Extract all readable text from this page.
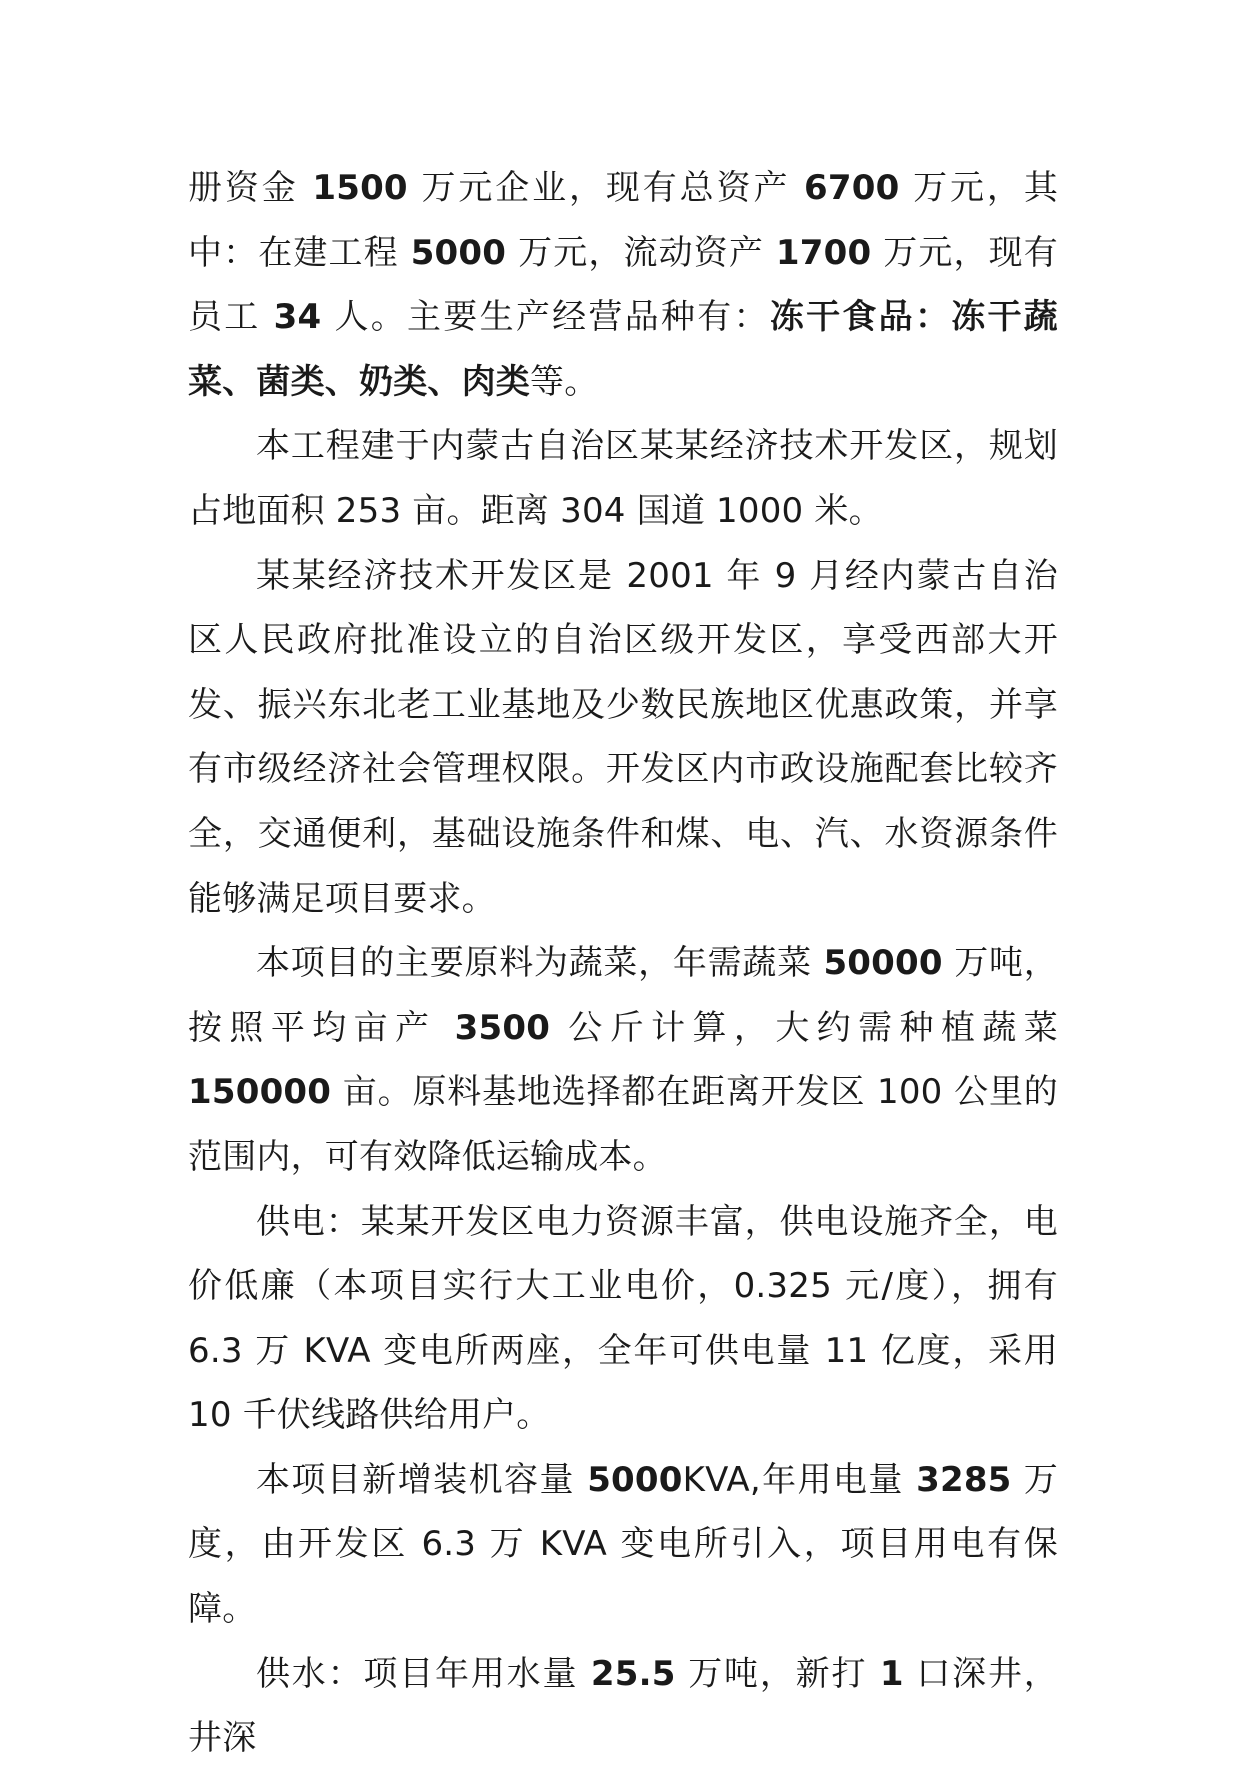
册资金 1500 万元企业，现有总资产 6700 万元，其中：在建工程 5000 万元，流动资产 1700 万元，现有员工 34 人。主要生产经营品种有：冻干食品：冻干蔬菜、菌类、奶类、肉类等。

本工程建于内蒙古自治区某某经济技术开发区，规划占地面积 253 亩。距离 304 国道 1000 米。

某某经济技术开发区是 2001 年 9 月经内蒙古自治区人民政府批准设立的自治区级开发区，享受西部大开发、振兴东北老工业基地及少数民族地区优惠政策，并享有市级经济社会管理权限。开发区内市政设施配套比较齐全，交通便利，基础设施条件和煤、电、汽、水资源条件能够满足项目要求。

本项目的主要原料为蔬菜，年需蔬菜 50000 万吨，按照平均亩产 3500 公斤计算，大约需种植蔬菜 150000 亩。原料基地选择都在距离开发区 100 公里的范围内，可有效降低运输成本。

供电：某某开发区电力资源丰富，供电设施齐全，电价低廉（本项目实行大工业电价，0.325 元/度），拥有 6.3 万 KVA 变电所两座，全年可供电量 11 亿度，采用 10 千伏线路供给用户。

本项目新增装机容量 5000KVA,年用电量 3285 万度，由开发区 6.3 万 KVA 变电所引入，项目用电有保障。

供水：项目年用水量 25.5 万吨，新打 1 口深井，井深
